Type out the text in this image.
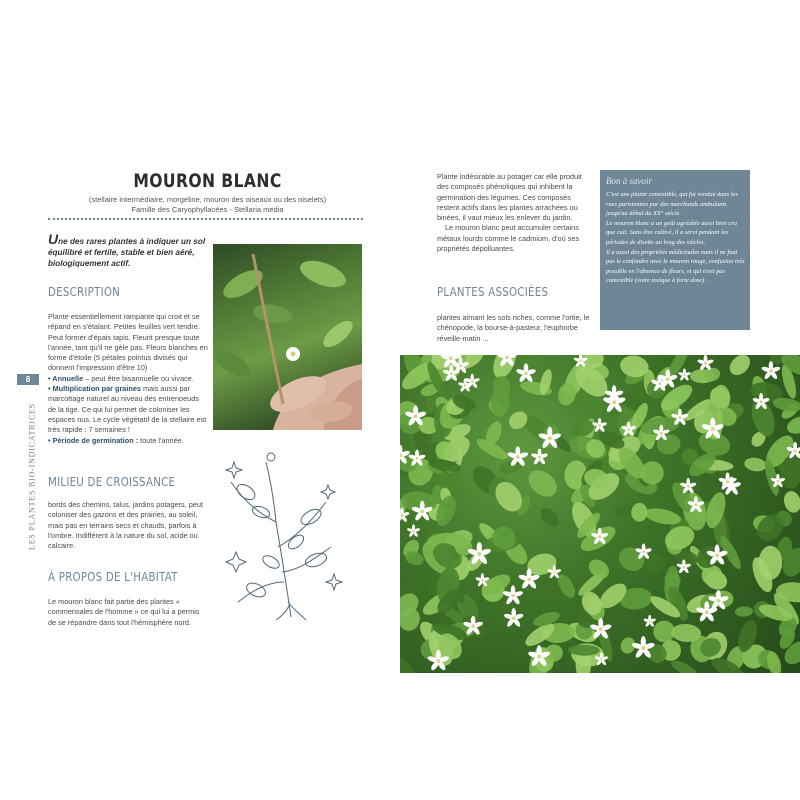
8
LES PLANTES BIO-INDICATRICES
MOURON BLANC
(stellaire intermédiaire, morgeline, mouron des oiseaux ou des oiselets)
Famille des Caryophyllacées - Stellaria media
Une des rares plantes à indiquer un sol équilibré et fertile, stable et bien aéré, biologiquement actif.
DESCRIPTION

Plante essentiellement rampante qui croit et se répand en s'étalant. Petites feuilles vert tendre. Peut former d'épais tapis. Fleurit presque toute l'année, tant qu'il ne gèle pas. Fleurs blanches en forme d'étoile (5 pétales pointus divisés qui donnent l'impression d'être 10) .

• Annuelle – peut être bisannuelle ou vivace.

• Multiplication par graines mais aussi par marcottage naturel au niveau des entrenoeuds de la tige. Ce qui lui permet de coloniser les espaces nus. Le cycle végétatif de la stellaire est très rapide : 7 semaines !

• Période de germination : toute l'année.

MILIEU DE CROISSANCE
bords des chemins, talus, jardins potagers, peut coloniser des gazons et des prairies, au soleil, mais pas en terrains secs et chauds, parfois à l'ombre. Indifférent à la nature du sol, acide ou calcaire.
À PROPOS DE L'HABITAT
Le mouron blanc fait partie des plantes « commensales de l'homme » ce qui lui a permis de se répandre dans tout l'hémisphère nord.

Plante indésirable au potager car elle produit des composés phénoliques qui inhibent la germination des légumes. Ces composés restent actifs dans les plantes arrachées ou binées, il vaut mieux les enlever du jardin.

Le mouron blanc peut accumuler certains métaux lourds comme le cadmium, d'où ses propriétés dépolluantes.

PLANTES ASSOCIÉES
plantes aimant les sols riches, comme l'ortie, le chénopode, la bourse-à-pasteur, l'euphorbe réveille-matin ...
Bon à savoir

C'est une plante comestible, qui fut vendue dans les rues parisiennes par des marchands ambulants jusqu'au début du XX° siècle.

Le mouron blanc a un goût agréable aussi bien cru que cuit. Sans être cultivé, il a servi pendant les périodes de disette au long des siècles.

Il a aussi des propriétés médicinales mais il ne faut pas le confondre avec le mouron rouge, confusion très possible en l'absence de fleurs, et qui n'est pas comestible (voire toxique à forte dose) .
